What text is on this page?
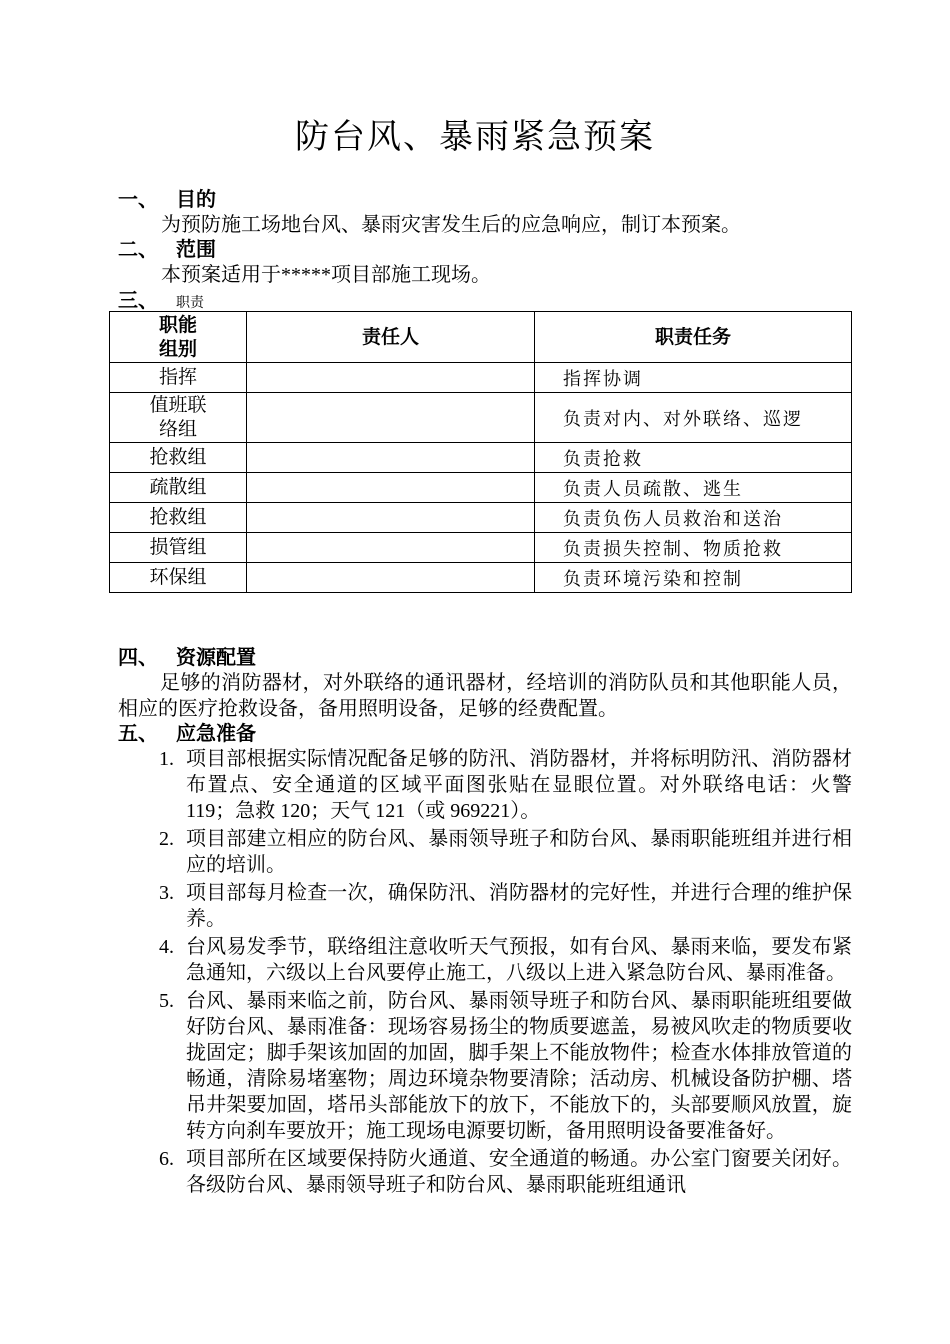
防台风、暴雨紧急预案
一、 目的
为预防施工场地台风、暴雨灾害发生后的应急响应，制订本预案。
二、 范围
本预案适用于*****项目部施工现场。
三、 职责
职能组别	责任人	职责任务
指挥		指挥协调

值班联络组		负责对内、对外联络、巡逻
抢救组		负责抢救
疏散组		负责人员疏散、逃生
抢救组		负责负伤人员救治和送治
损管组		负责损失控制、物质抢救
环保组		负责环境污染和控制
四、 资源配置
足够的消防器材，对外联络的通讯器材，经培训的消防队员和其他职能人员，相应的医疗抢救设备，备用照明设备，足够的经费配置。
五、 应急准备
1. 项目部根据实际情况配备足够的防汛、消防器材，并将标明防汛、消防器材布置点、安全通道的区域平面图张贴在显眼位置。对外联络电话：火警 119；急救 120；天气 121（或 969221）。
2. 项目部建立相应的防台风、暴雨领导班子和防台风、暴雨职能班组并进行相应的培训。
3. 项目部每月检查一次，确保防汛、消防器材的完好性，并进行合理的维护保养。
4. 台风易发季节，联络组注意收听天气预报，如有台风、暴雨来临，要发布紧急通知，六级以上台风要停止施工，八级以上进入紧急防台风、暴雨准备。
5. 台风、暴雨来临之前，防台风、暴雨领导班子和防台风、暴雨职能班组要做好防台风、暴雨准备：现场容易扬尘的物质要遮盖，易被风吹走的物质要收拢固定；脚手架该加固的加固，脚手架上不能放物件；检查水体排放管道的畅通，清除易堵塞物；周边环境杂物要清除；活动房、机械设备防护棚、塔吊井架要加固，塔吊头部能放下的放下，不能放下的，头部要顺风放置，旋转方向刹车要放开；施工现场电源要切断，备用照明设备要准备好。
6. 项目部所在区域要保持防火通道、安全通道的畅通。办公室门窗要关闭好。各级防台风、暴雨领导班子和防台风、暴雨职能班组通讯
